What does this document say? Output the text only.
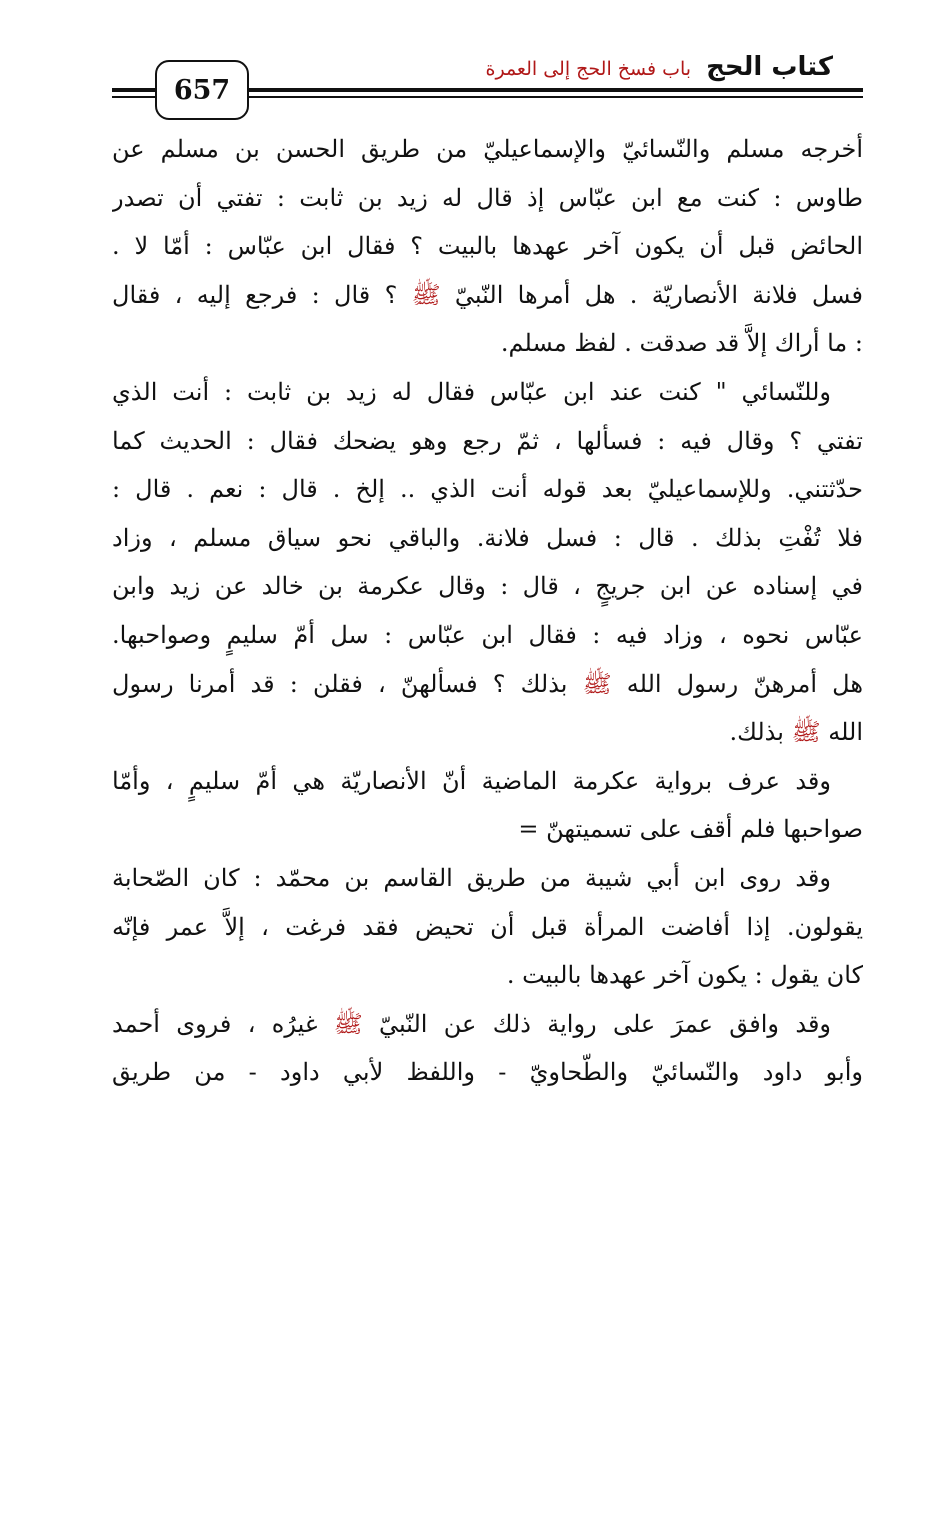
كتاب الحج باب فسخ الحج إلى العمرة
657

أخرجه مسلم والنّسائيّ والإسماعيليّ من طريق الحسن بن مسلم عن
طاوس : كنت مع ابن عبّاس إذ قال له زيد بن ثابت : تفتي أن تصدر
الحائض قبل أن يكون آخر عهدها بالبيت ؟ فقال ابن عبّاس : أمّا لا .
فسل فلانة الأنصاريّة . هل أمرها النّبيّ ﷺ ؟ قال : فرجع إليه ، فقال
: ما أراك إلاَّ قد صدقت . لفظ مسلم.

وللنّسائي " كنت عند ابن عبّاس فقال له زيد بن ثابت : أنت الذي
تفتي ؟ وقال فيه : فسألها ، ثمّ رجع وهو يضحك فقال : الحديث كما
حدّثتني. وللإسماعيليّ بعد قوله أنت الذي .. إلخ . قال : نعم . قال :
فلا تُفْتِ بذلك . قال : فسل فلانة. والباقي نحو سياق مسلم ، وزاد
في إسناده عن ابن جريجٍ ، قال : وقال عكرمة بن خالد عن زيد وابن
عبّاس نحوه ، وزاد فيه : فقال ابن عبّاس : سل أمّ سليمٍ وصواحبها.
هل أمرهنّ رسول الله ﷺ بذلك ؟ فسألهنّ ، فقلن : قد أمرنا رسول
الله ﷺ بذلك.

وقد عرف برواية عكرمة الماضية أنّ الأنصاريّة هي أمّ سليمٍ ، وأمّا
صواحبها فلم أقف على تسميتهنّ =

وقد روى ابن أبي شيبة من طريق القاسم بن محمّد : كان الصّحابة
يقولون. إذا أفاضت المرأة قبل أن تحيض فقد فرغت ، إلاَّ عمر فإنّه
كان يقول : يكون آخر عهدها بالبيت .

وقد وافق عمرَ على رواية ذلك عن النّبيّ ﷺ غيرُه ، فروى أحمد
وأبو داود والنّسائيّ والطّحاويّ - واللفظ لأبي داود - من طريق
